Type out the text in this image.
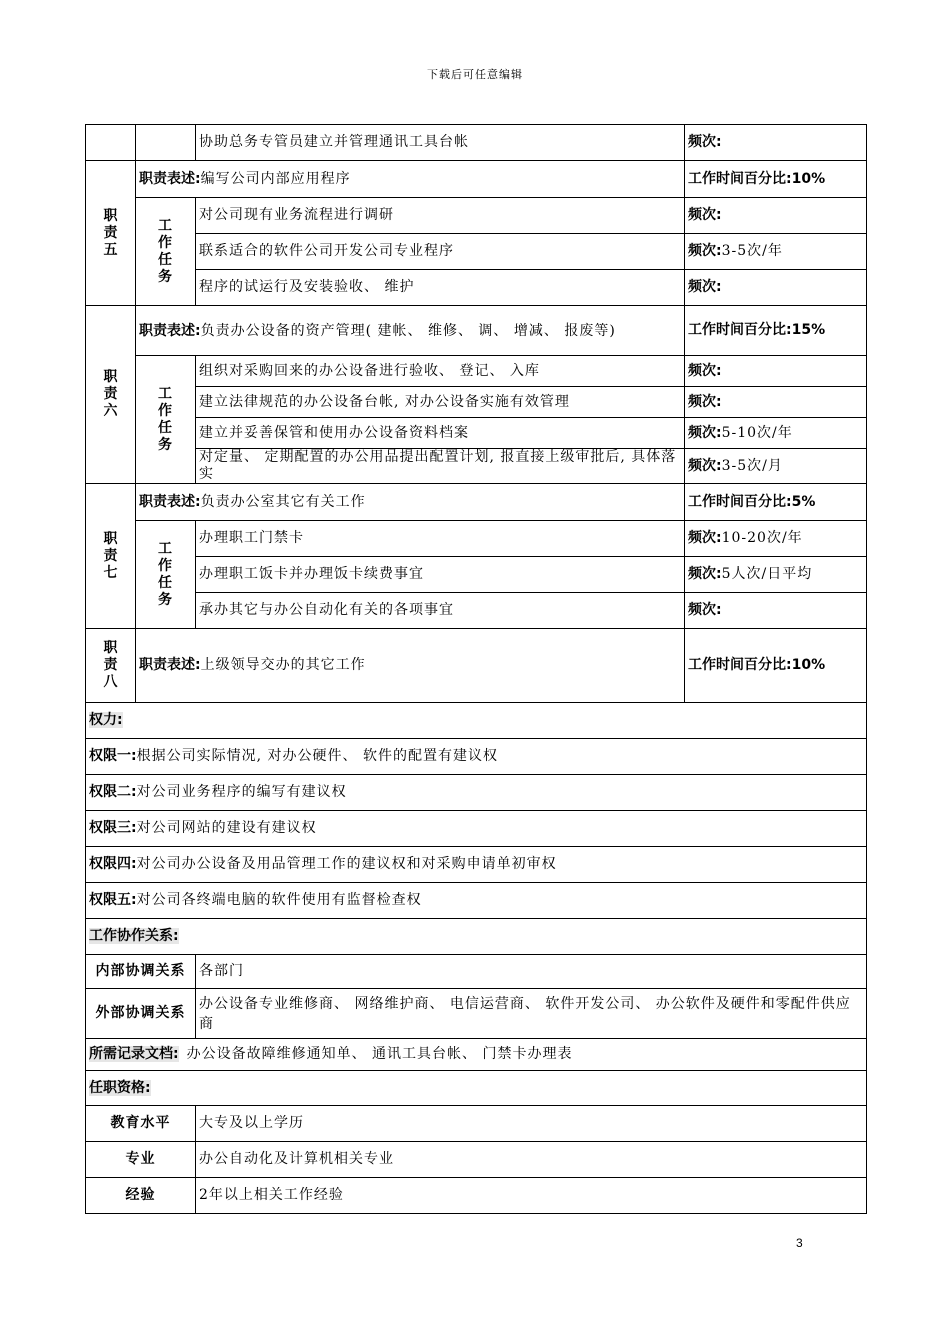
下载后可任意编辑
		协助总务专管员建立并管理通讯工具台帐	频次:

职责五	职责表述:编写公司内部应用程序		工作时间百分比:10%

	工作任务	对公司现有业务流程进行调研	频次:
		联系适合的软件公司开发公司专业程序	频次:3-5次/年
		程序的试运行及安装验收、 维护	频次:

职责六	职责表述:负责办公设备的资产管理( 建帐、 维修、 调、 增减、 报废等)		工作时间百分比:15%

	工作任务	组织对采购回来的办公设备进行验收、 登记、 入库	频次:
		建立法律规范的办公设备台帐, 对办公设备实施有效管理	频次:
		建立并妥善保管和使用办公设备资料档案	频次:5-10次/年
		对定量、 定期配置的办公用品提出配置计划, 报直接上级审批后, 具体落实	频次:3-5次/月

职责七	职责表述:负责办公室其它有关工作		工作时间百分比:5%

	工作任务	办理职工门禁卡	频次:10-20次/年
		办理职工饭卡并办理饭卡续费事宜	频次:5人次/日平均
		承办其它与办公自动化有关的各项事宜	频次:

职责八	职责表述:上级领导交办的其它工作		工作时间百分比:10%
权力:			
权限一:根据公司实际情况, 对办公硬件、 软件的配置有建议权			
权限二:对公司业务程序的编写有建议权			
权限三:对公司网站的建设有建议权			
权限四:对公司办公设备及用品管理工作的建议权和对采购申请单初审权			
权限五:对公司各终端电脑的软件使用有监督检查权			
工作协作关系:			
内部协调关系		各部门	
外部协调关系		办公设备专业维修商、 网络维护商、 电信运营商、 软件开发公司、 办公软件及硬件和零配件供应商	
所需记录文档: 办公设备故障维修通知单、 通讯工具台帐、 门禁卡办理表			
任职资格:			
教育水平		大专及以上学历	
专业		办公自动化及计算机相关专业	
经验		2年以上相关工作经验	
3
